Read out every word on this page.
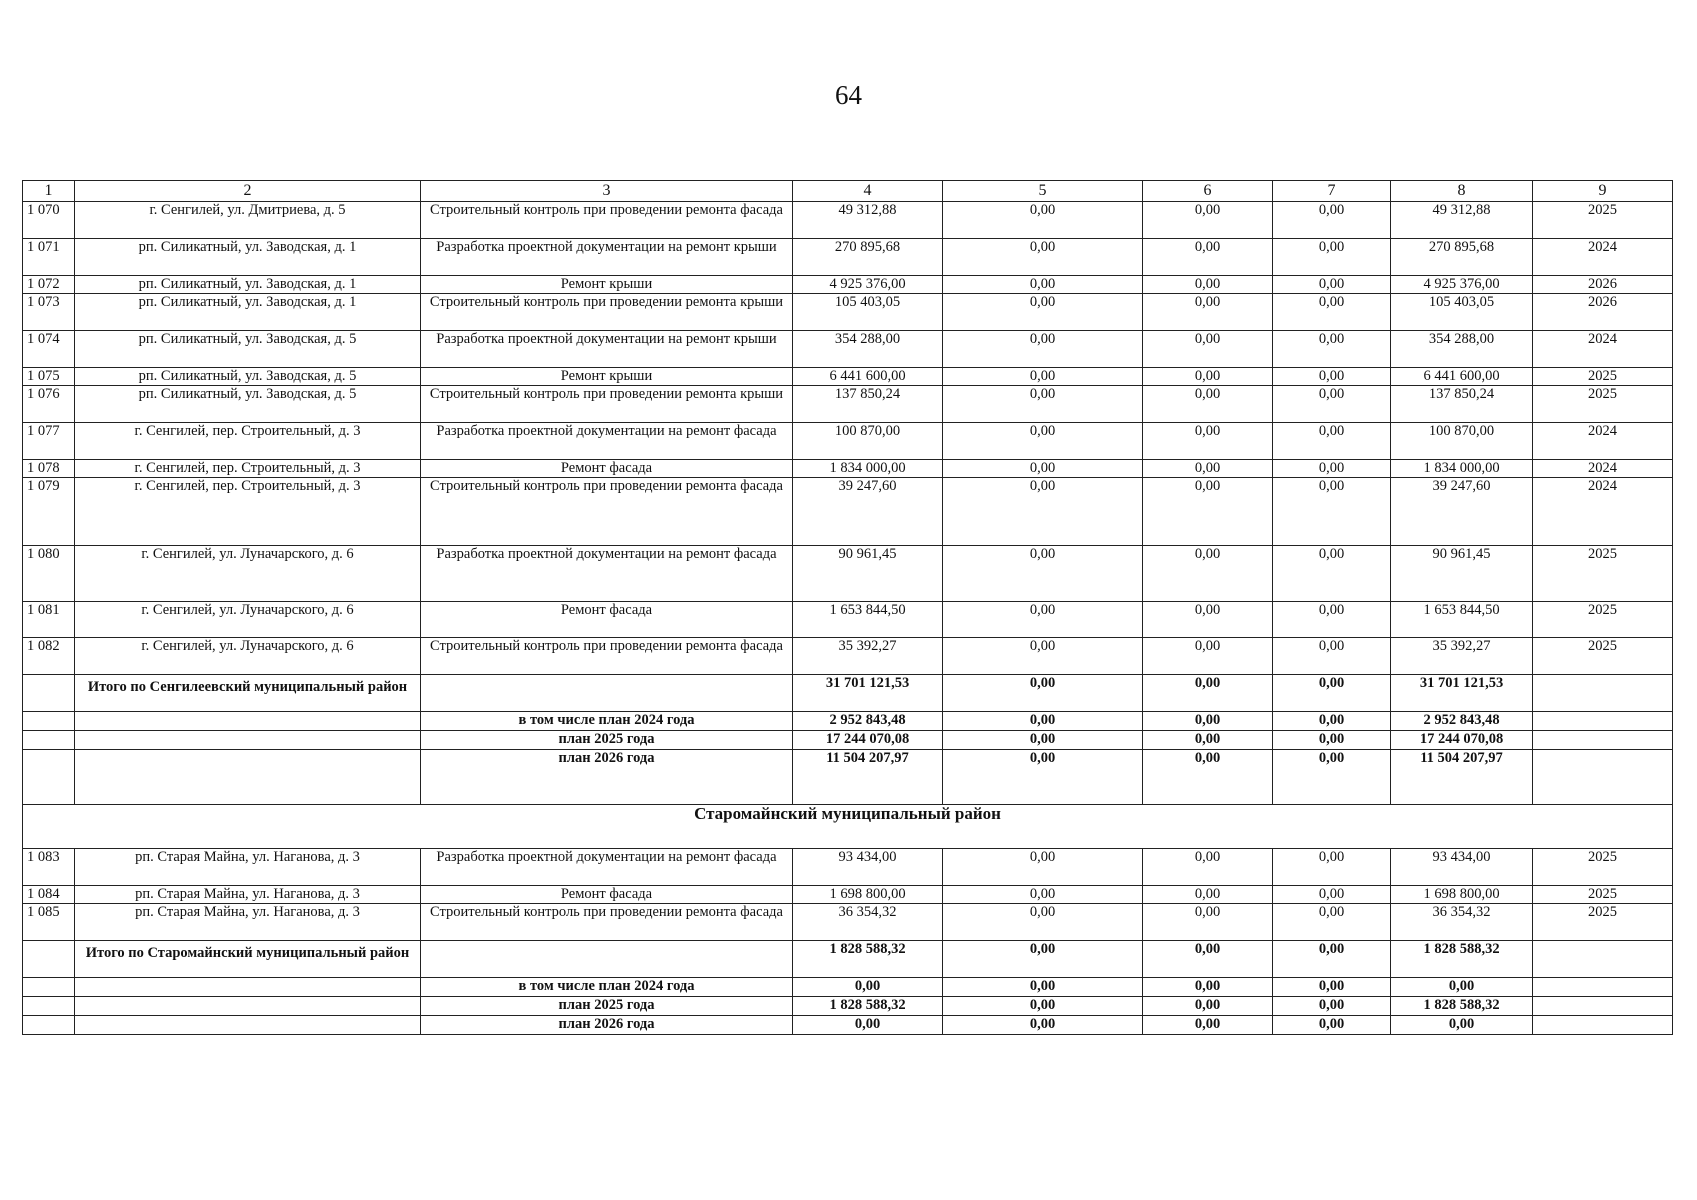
64
1	2	3	4	5	6	7	8	9
1 070	г. Сенгилей, ул. Дмитриева, д. 5	Строительный контроль при проведении ремонта фасада	49 312,88	0,00	0,00	0,00	49 312,88	2025
1 071	рп. Силикатный, ул. Заводская, д. 1	Разработка проектной документации на ремонт крыши	270 895,68	0,00	0,00	0,00	270 895,68	2024
1 072	рп. Силикатный, ул. Заводская, д. 1	Ремонт крыши	4 925 376,00	0,00	0,00	0,00	4 925 376,00	2026
1 073	рп. Силикатный, ул. Заводская, д. 1	Строительный контроль при проведении ремонта крыши	105 403,05	0,00	0,00	0,00	105 403,05	2026
1 074	рп. Силикатный, ул. Заводская, д. 5	Разработка проектной документации на ремонт крыши	354 288,00	0,00	0,00	0,00	354 288,00	2024
1 075	рп. Силикатный, ул. Заводская, д. 5	Ремонт крыши	6 441 600,00	0,00	0,00	0,00	6 441 600,00	2025
1 076	рп. Силикатный, ул. Заводская, д. 5	Строительный контроль при проведении ремонта крыши	137 850,24	0,00	0,00	0,00	137 850,24	2025
1 077	г. Сенгилей, пер. Строительный, д. 3	Разработка проектной документации на ремонт фасада	100 870,00	0,00	0,00	0,00	100 870,00	2024
1 078	г. Сенгилей, пер. Строительный, д. 3	Ремонт фасада	1 834 000,00	0,00	0,00	0,00	1 834 000,00	2024
1 079	г. Сенгилей, пер. Строительный, д. 3	Строительный контроль при проведении ремонта фасада	39 247,60	0,00	0,00	0,00	39 247,60	2024
1 080	г. Сенгилей, ул. Луначарского, д. 6	Разработка проектной документации на ремонт фасада	90 961,45	0,00	0,00	0,00	90 961,45	2025
1 081	г. Сенгилей, ул. Луначарского, д. 6	Ремонт фасада	1 653 844,50	0,00	0,00	0,00	1 653 844,50	2025
1 082	г. Сенгилей, ул. Луначарского, д. 6	Строительный контроль при проведении ремонта фасада	35 392,27	0,00	0,00	0,00	35 392,27	2025
	Итого по Сенгилеевский муниципальный район		31 701 121,53	0,00	0,00	0,00	31 701 121,53	
		в том числе план 2024 года	2 952 843,48	0,00	0,00	0,00	2 952 843,48	
		план 2025 года	17 244 070,08	0,00	0,00	0,00	17 244 070,08	
		план 2026 года	11 504 207,97	0,00	0,00	0,00	11 504 207,97	
Старомайнский муниципальный район								
1 083	рп. Старая Майна, ул. Наганова, д. 3	Разработка проектной документации на ремонт фасада	93 434,00	0,00	0,00	0,00	93 434,00	2025
1 084	рп. Старая Майна, ул. Наганова, д. 3	Ремонт фасада	1 698 800,00	0,00	0,00	0,00	1 698 800,00	2025
1 085	рп. Старая Майна, ул. Наганова, д. 3	Строительный контроль при проведении ремонта фасада	36 354,32	0,00	0,00	0,00	36 354,32	2025
	Итого по Старомайнский муниципальный район		1 828 588,32	0,00	0,00	0,00	1 828 588,32	
		в том числе план 2024 года	0,00	0,00	0,00	0,00	0,00	
		план 2025 года	1 828 588,32	0,00	0,00	0,00	1 828 588,32	
		план 2026 года	0,00	0,00	0,00	0,00	0,00	
